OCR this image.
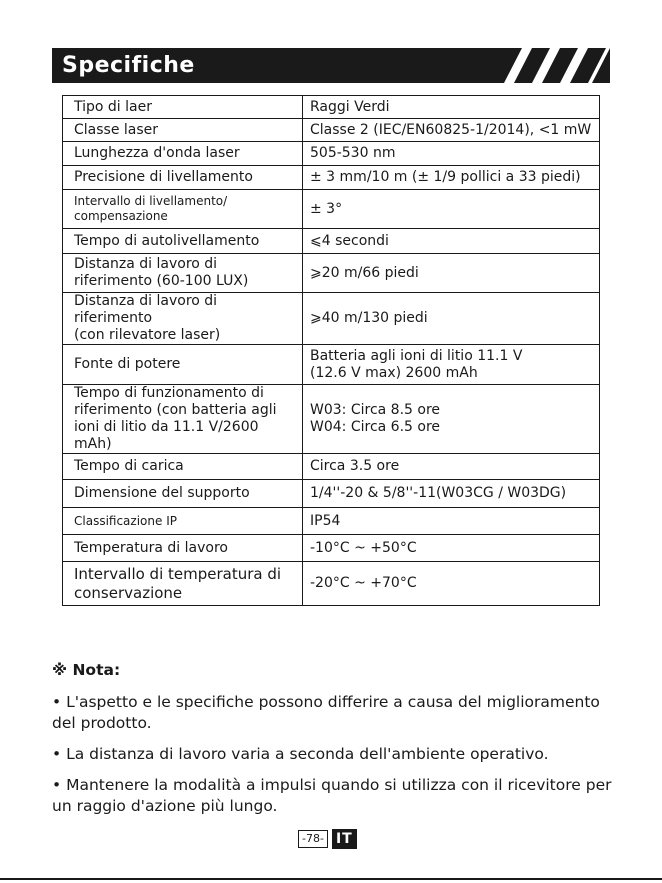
Specifiche
Tipo di laer	Raggi Verdi
Classe laser	Classe 2 (IEC/EN60825-1/2014), <1 mW
Lunghezza d'onda laser	505-530 nm
Precisione di livellamento	± 3 mm/10 m (± 1/9 pollici a 33 piedi)
Intervallo di livellamento/
compensazione	± 3°
Tempo di autolivellamento	⩽4 secondi
Distanza di lavoro di
riferimento (60-100 LUX)	⩾20 m/66 piedi
Distanza di lavoro di riferimento
(con rilevatore laser)	⩾40 m/130 piedi
Fonte di potere	Batteria agli ioni di litio 11.1 V
(12.6 V max) 2600 mAh
Tempo di funzionamento di
riferimento (con batteria agli
ioni di litio da 11.1 V/2600 mAh)	W03: Circa 8.5 ore
W04: Circa 6.5 ore
Tempo di carica	Circa 3.5 ore
Dimensione del supporto	1/4''-20 & 5/8''-11(W03CG / W03DG)
Classificazione IP	IP54
Temperatura di lavoro	-10°C ~ +50°C
Intervallo di temperatura di
conservazione	-20°C ~ +70°C
※ Nota:
• L'aspetto e le specifiche possono differire a causa del miglioramento del prodotto.
• La distanza di lavoro varia a seconda dell'ambiente operativo.
• Mantenere la modalità a impulsi quando si utilizza con il ricevitore per un raggio d'azione più lungo.
-78- IT
